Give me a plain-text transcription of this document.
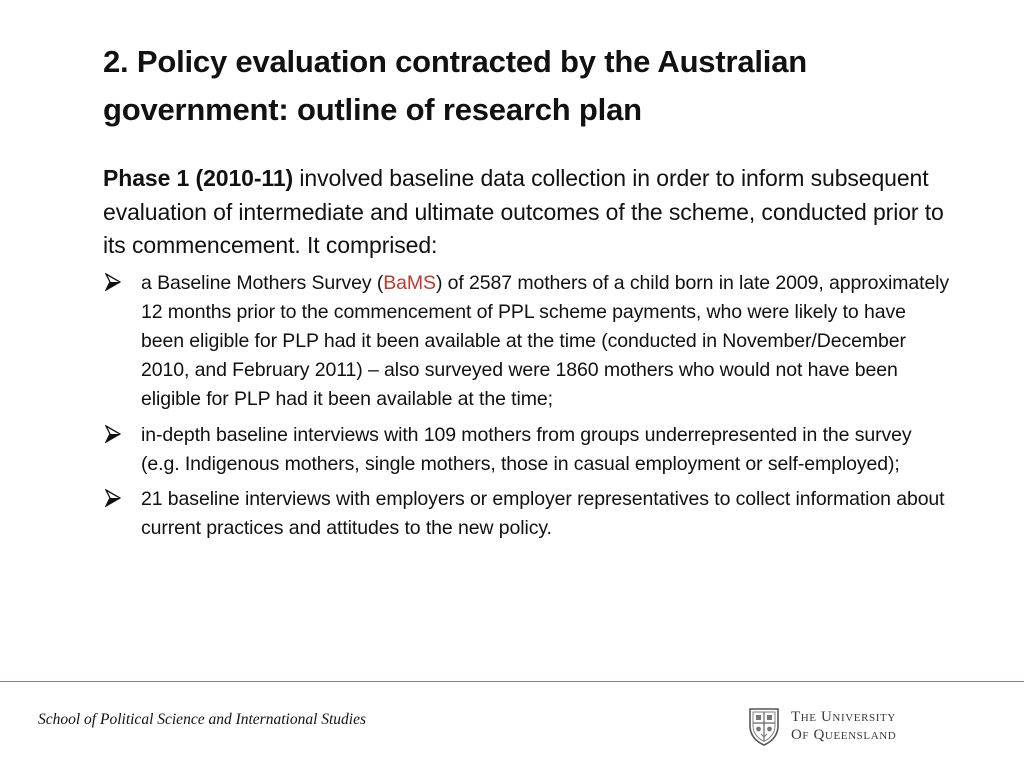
2. Policy evaluation contracted by the Australian government: outline of research plan

Phase 1 (2010-11) involved baseline data collection in order to inform subsequent evaluation of intermediate and ultimate outcomes of the scheme, conducted prior to its commencement. It comprised:

a Baseline Mothers Survey (BaMS) of 2587 mothers of a child born in late 2009, approximately 12 months prior to the commencement of PPL scheme payments, who were likely to have been eligible for PLP had it been available at the time (conducted in November/December 2010, and February 2011) – also surveyed were 1860 mothers who would not have been eligible for PLP had it been available at the time;
in-depth baseline interviews with 109 mothers from groups underrepresented in the survey (e.g. Indigenous mothers, single mothers, those in casual employment or self-employed);
21 baseline interviews with employers or employer representatives to collect information about current practices and attitudes to the new policy.
School of Political Science and International Studies	The University
Of Queensland
